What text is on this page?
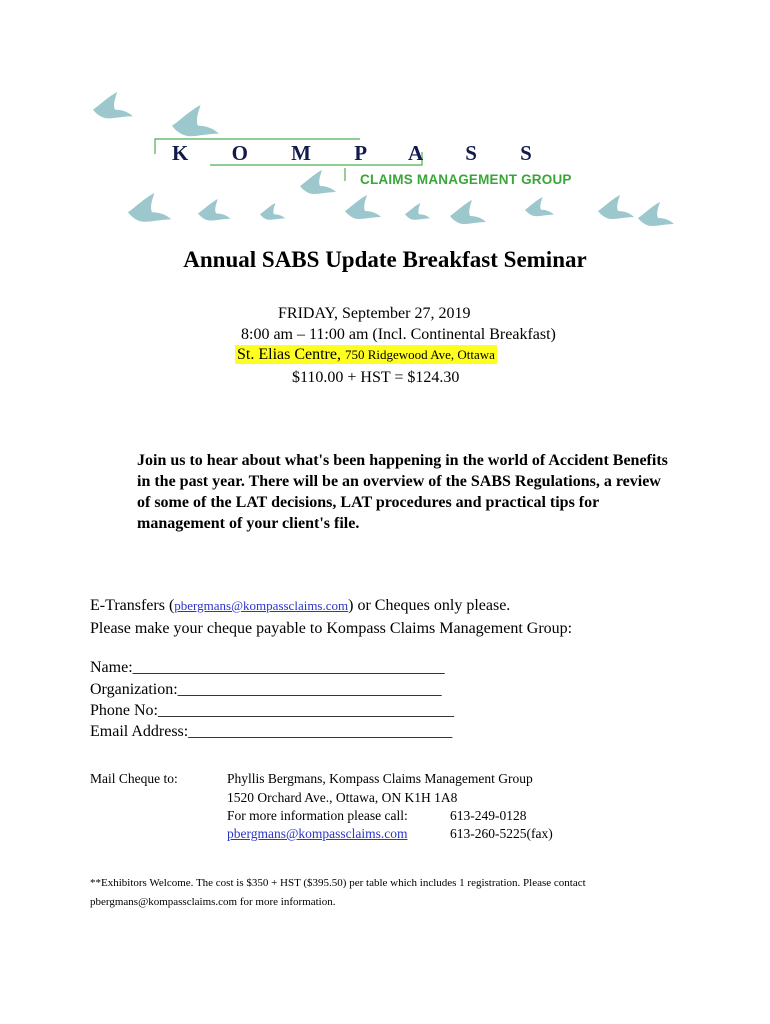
K O M P A S S
CLAIMS MANAGEMENT GROUP
Annual SABS Update Breakfast Seminar
FRIDAY, September 27, 2019
8:00 am – 11:00 am (Incl. Continental Breakfast)
St. Elias Centre, 750 Ridgewood Ave, Ottawa
$110.00 + HST = $124.30
Join us to hear about what's been happening in the world of Accident Benefits in the past year. There will be an overview of the SABS Regulations, a review of some of the LAT decisions, LAT procedures and practical tips for management of your client's file.
E-Transfers (pbergmans@kompassclaims.com) or Cheques only please.
Please make your cheque payable to Kompass Claims Management Group:
Name:_______________________________________
Organization:_________________________________
Phone No:_____________________________________
Email Address:_________________________________
Mail Cheque to:	Phyllis Bergmans, Kompass Claims Management Group
1520 Orchard Ave., Ottawa, ON K1H 1A8
For more information please call:	613-249-0128
pbergmans@kompassclaims.com	613-260-5225(fax)
**Exhibitors Welcome. The cost is $350 + HST ($395.50) per table which includes 1 registration. Please contact pbergmans@kompassclaims.com for more information.
